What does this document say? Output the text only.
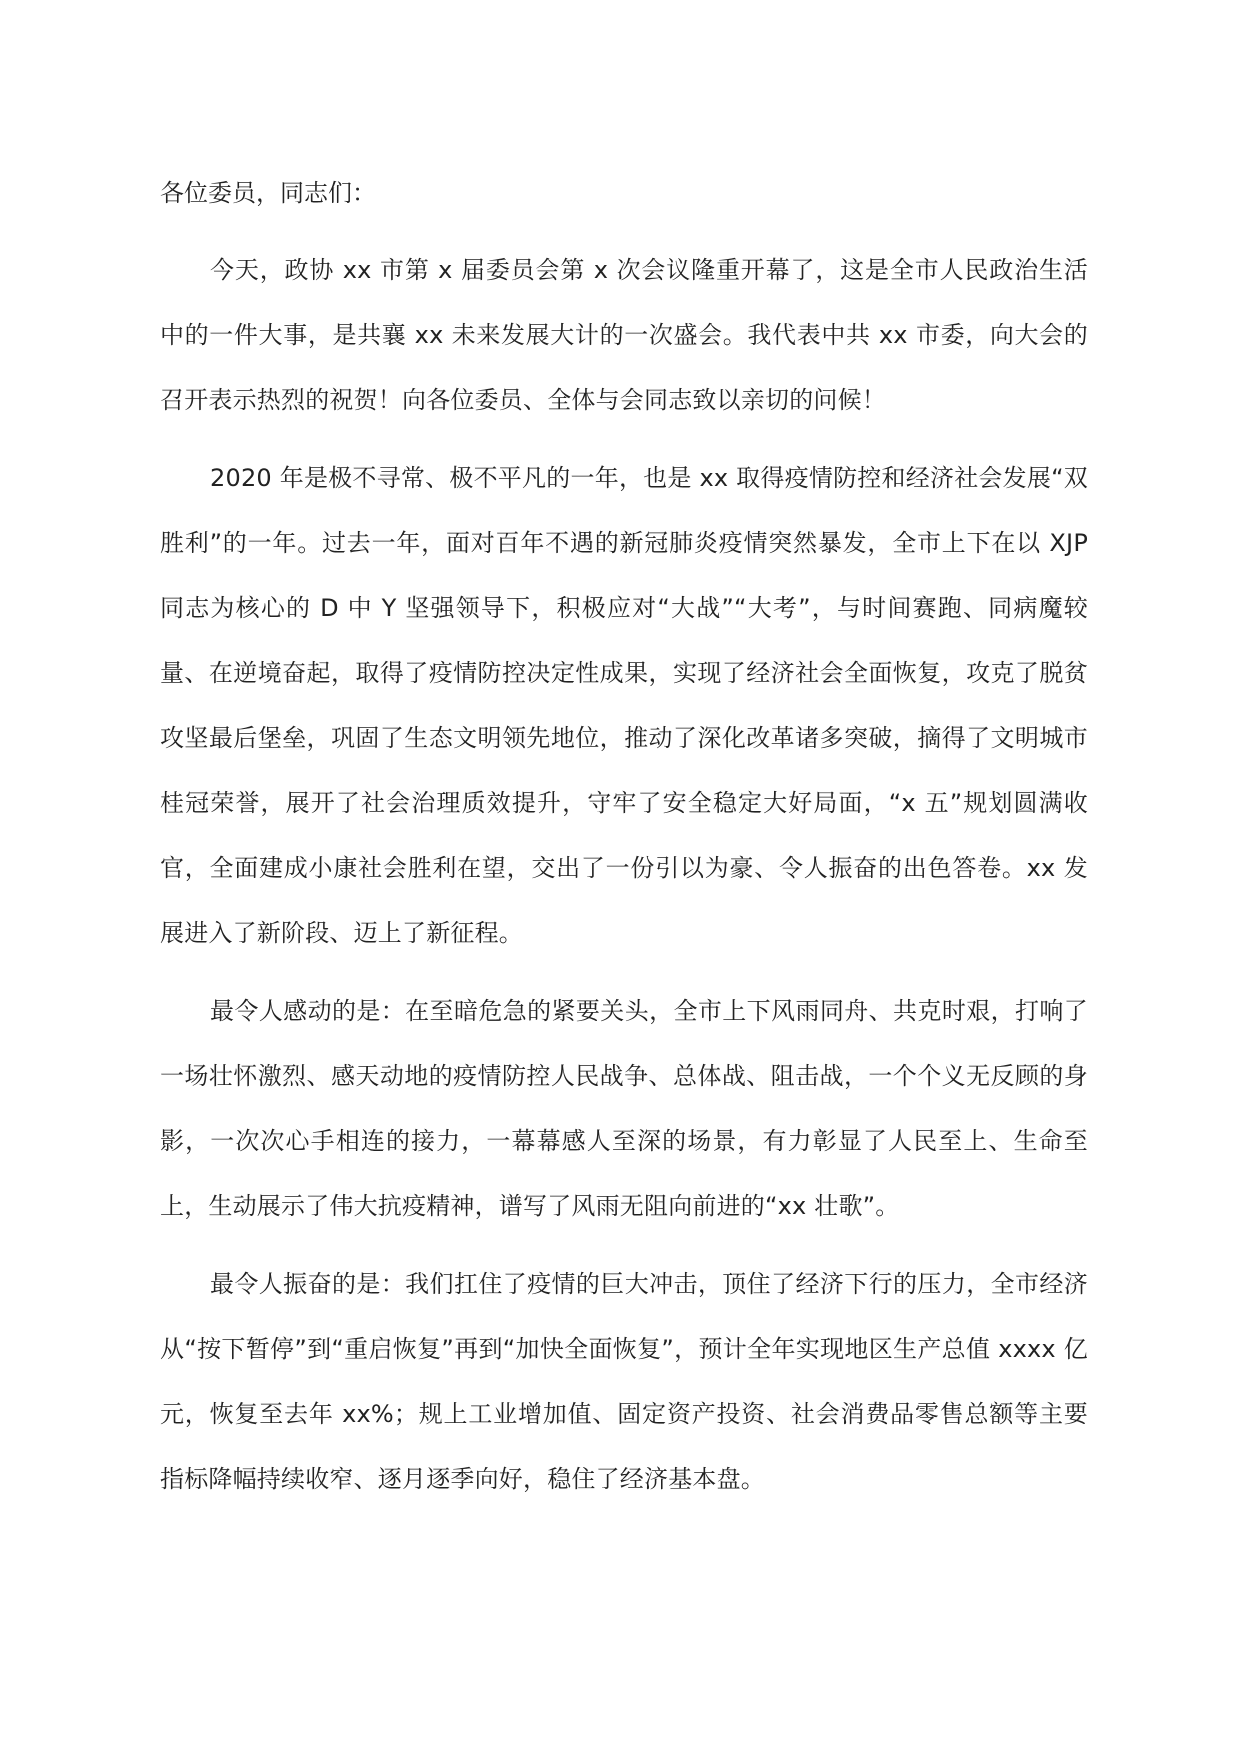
各位委员，同志们：

今天，政协 xx 市第 x 届委员会第 x 次会议隆重开幕了，这是全市人民政治生活中的一件大事，是共襄 xx 未来发展大计的一次盛会。我代表中共 xx 市委，向大会的召开表示热烈的祝贺！向各位委员、全体与会同志致以亲切的问候！

2020 年是极不寻常、极不平凡的一年，也是 xx 取得疫情防控和经济社会发展“双胜利”的一年。过去一年，面对百年不遇的新冠肺炎疫情突然暴发，全市上下在以 XJP 同志为核心的 D 中 Y 坚强领导下，积极应对“大战”“大考”，与时间赛跑、同病魔较量、在逆境奋起，取得了疫情防控决定性成果，实现了经济社会全面恢复，攻克了脱贫攻坚最后堡垒，巩固了生态文明领先地位，推动了深化改革诸多突破，摘得了文明城市桂冠荣誉，展开了社会治理质效提升，守牢了安全稳定大好局面，“x 五”规划圆满收官，全面建成小康社会胜利在望，交出了一份引以为豪、令人振奋的出色答卷。xx 发展进入了新阶段、迈上了新征程。

最令人感动的是：在至暗危急的紧要关头，全市上下风雨同舟、共克时艰，打响了一场壮怀激烈、感天动地的疫情防控人民战争、总体战、阻击战，一个个义无反顾的身影，一次次心手相连的接力，一幕幕感人至深的场景，有力彰显了人民至上、生命至上，生动展示了伟大抗疫精神，谱写了风雨无阻向前进的“xx 壮歌”。

最令人振奋的是：我们扛住了疫情的巨大冲击，顶住了经济下行的压力，全市经济从“按下暂停”到“重启恢复”再到“加快全面恢复”，预计全年实现地区生产总值 xxxx 亿元，恢复至去年 xx%；规上工业增加值、固定资产投资、社会消费品零售总额等主要指标降幅持续收窄、逐月逐季向好，稳住了经济基本盘。
